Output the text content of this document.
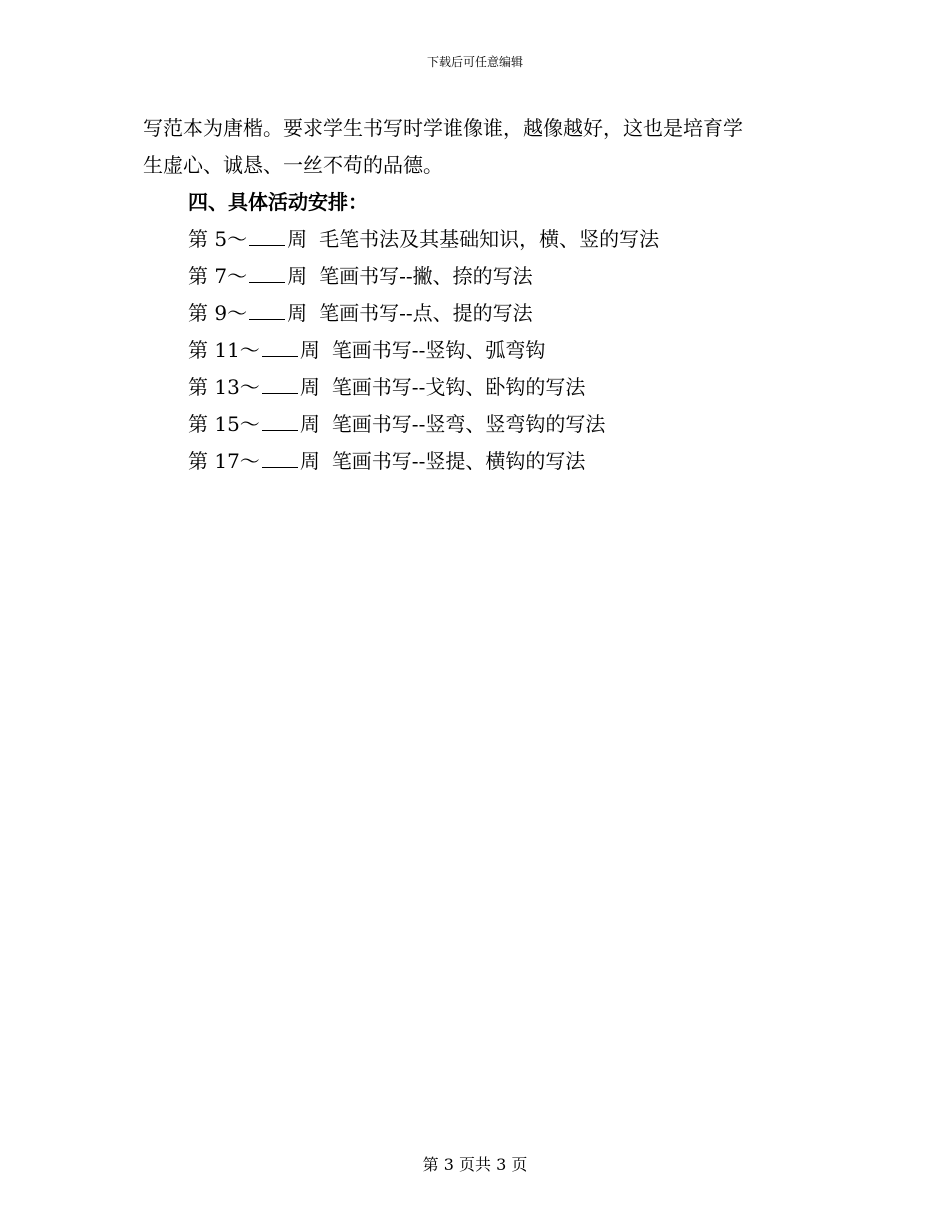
下载后可任意编辑

写范本为唐楷。要求学生书写时学谁像谁，越像越好，这也是培育学

生虚心、诚恳、一丝不苟的品德。

四、具体活动安排：

第 5～ 周 毛笔书法及其基础知识，横、竖的写法
第 7～ 周 笔画书写--撇、捺的写法
第 9～ 周 笔画书写--点、提的写法
第 11～ 周 笔画书写--竖钩、弧弯钩
第 13～ 周 笔画书写--戈钩、卧钩的写法
第 15～ 周 笔画书写--竖弯、竖弯钩的写法
第 17～ 周 笔画书写--竖提、横钩的写法
第 3 页共 3 页
